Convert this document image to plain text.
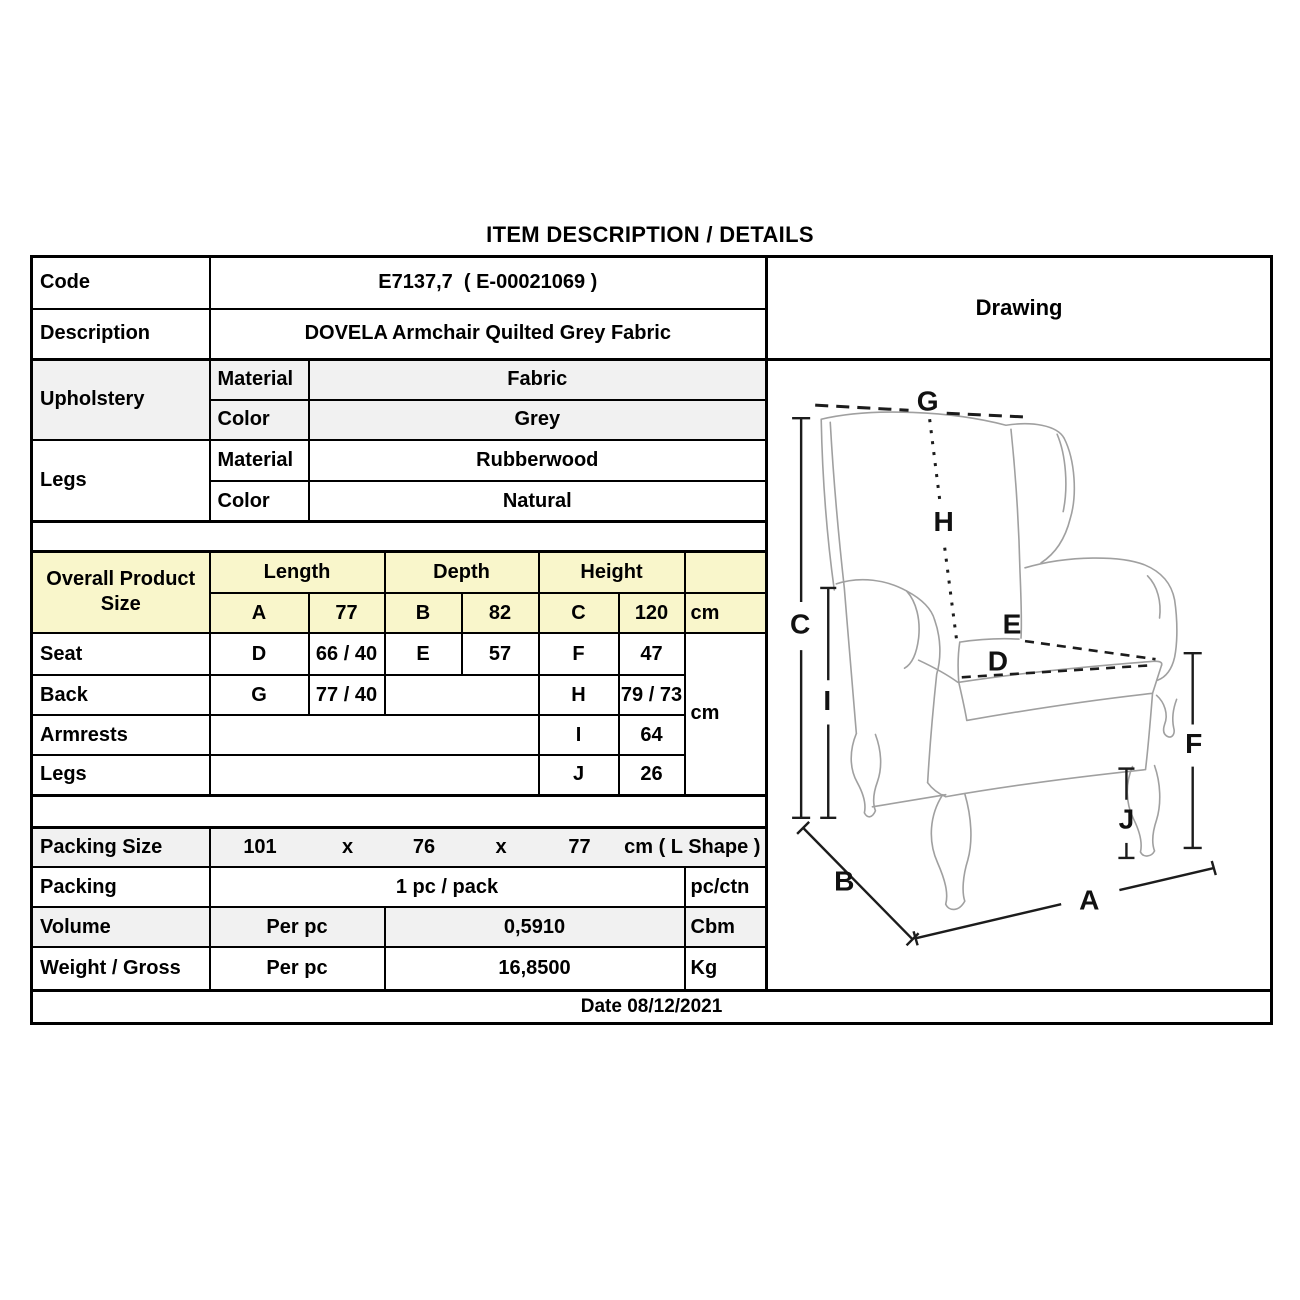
ITEM DESCRIPTION / DETAILS
Code	E7137,7  ( E-00021069 )							Drawing
Description	DOVELA Armchair Quilted Grey Fabric							
Upholstery	Material	Fabric	
G
H
C
I
E
D
F
J
B
A

	Color	Grey						
Legs	Material	Rubberwood						
	Color	Natural						

Overall Product Size	Length		Depth		Height			
	A	77	B	82	C	120	cm	
Seat	D	66 / 40	E	57	F	47	cm	
Back	G	77 / 40			H	79 / 73		
Armrests					I	64		
Legs					J	26		

Packing Size	101	x	76	x	77	cm ( L Shape )

Packing	1 pc / pack						pc/ctn	
Volume	Per pc		0,5910				Cbm	
Weight / Gross	Per pc		16,8500				Kg	
Date 08/12/2021								
